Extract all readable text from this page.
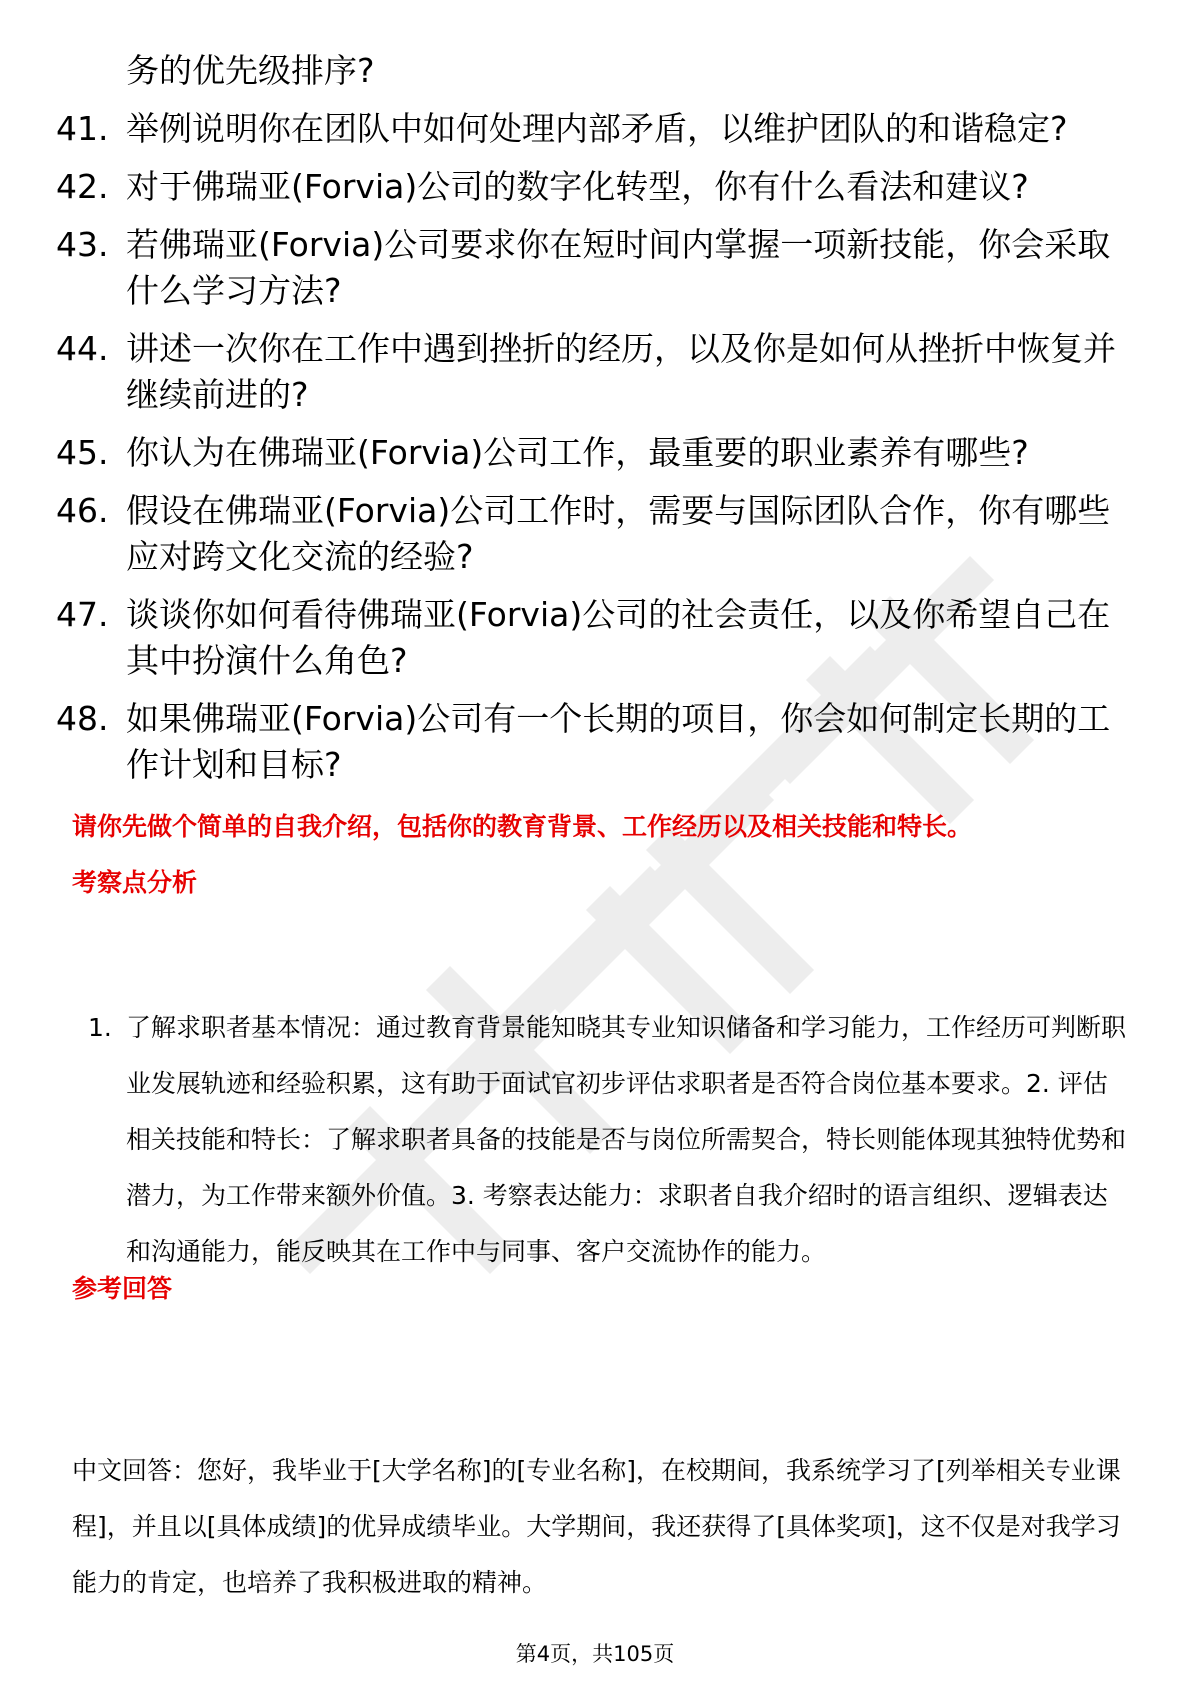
务的优先级排序?
41. 举例说明你在团队中如何处理内部矛盾，以维护团队的和谐稳定?
42. 对于佛瑞亚(Forvia)公司的数字化转型，你有什么看法和建议?
43. 若佛瑞亚(Forvia)公司要求你在短时间内掌握一项新技能，你会采取什么学习方法?
44. 讲述一次你在工作中遇到挫折的经历，以及你是如何从挫折中恢复并继续前进的?
45. 你认为在佛瑞亚(Forvia)公司工作，最重要的职业素养有哪些?
46. 假设在佛瑞亚(Forvia)公司工作时，需要与国际团队合作，你有哪些应对跨文化交流的经验?
47. 谈谈你如何看待佛瑞亚(Forvia)公司的社会责任，以及你希望自己在其中扮演什么角色?
48. 如果佛瑞亚(Forvia)公司有一个长期的项目，你会如何制定长期的工作计划和目标?
请你先做个简单的自我介绍，包括你的教育背景、工作经历以及相关技能和特长。
考察点分析
1. 了解求职者基本情况：通过教育背景能知晓其专业知识储备和学习能力，工作经历可判断职业发展轨迹和经验积累，这有助于面试官初步评估求职者是否符合岗位基本要求。2. 评估相关技能和特长：了解求职者具备的技能是否与岗位所需契合，特长则能体现其独特优势和潜力，为工作带来额外价值。3. 考察表达能力：求职者自我介绍时的语言组织、逻辑表达和沟通能力，能反映其在工作中与同事、客户交流协作的能力。
参考回答

中文回答：您好，我毕业于[大学名称]的[专业名称]，在校期间，我系统学习了[列举相关专业课程]，并且以[具体成绩]的优异成绩毕业。大学期间，我还获得了[具体奖项]，这不仅是对我学习能力的肯定，也培养了我积极进取的精神。

第4页，共105页
